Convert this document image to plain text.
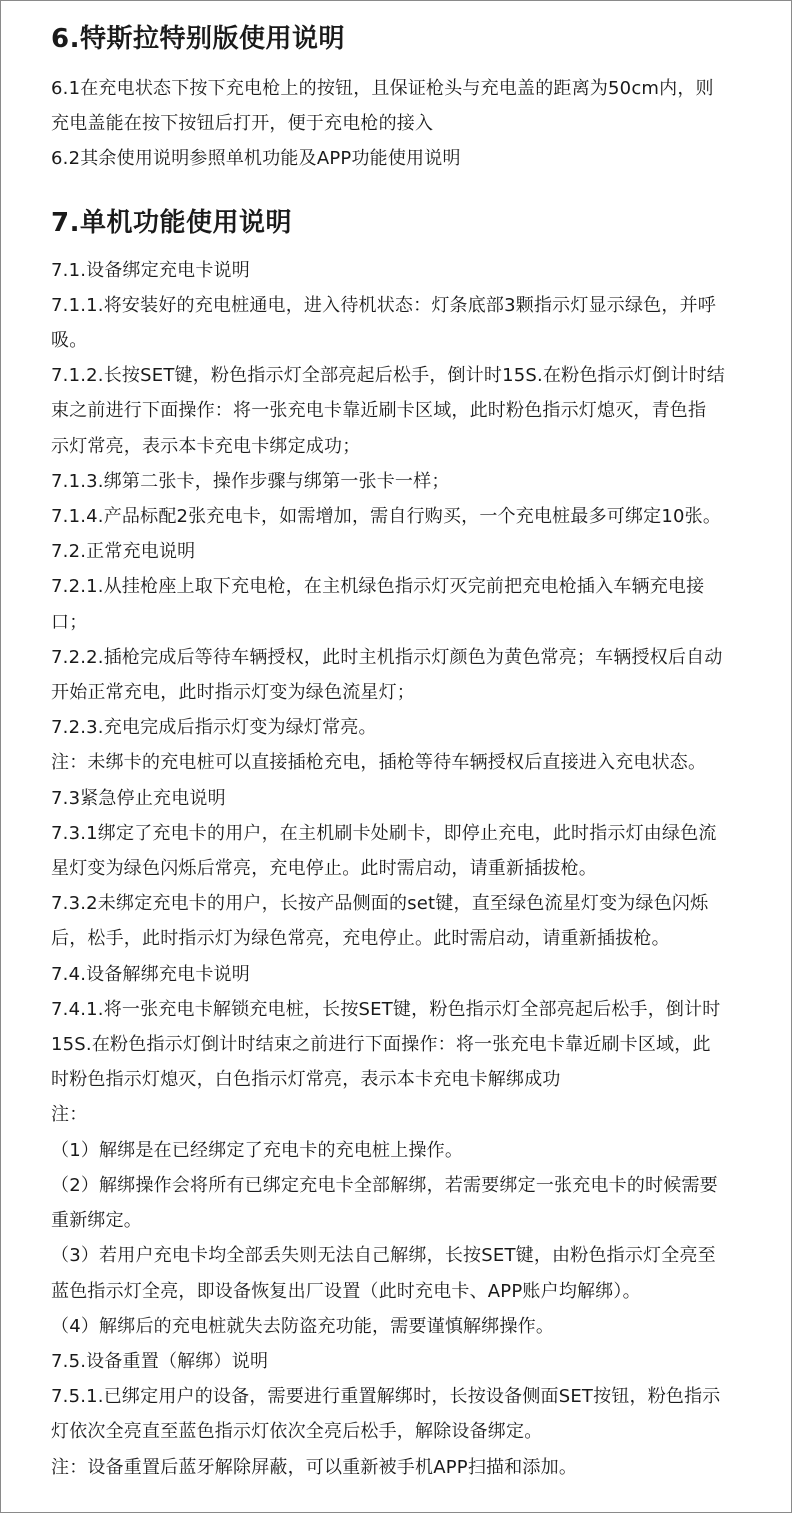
6.特斯拉特别版使用说明
6.1在充电状态下按下充电枪上的按钮，且保证枪头与充电盖的距离为50cm内，则
充电盖能在按下按钮后打开，便于充电枪的接入
6.2其余使用说明参照单机功能及APP功能使用说明
7.单机功能使用说明
7.1.设备绑定充电卡说明
7.1.1.将安装好的充电桩通电，进入待机状态：灯条底部3颗指示灯显示绿色，并呼
吸。
7.1.2.长按SET键，粉色指示灯全部亮起后松手，倒计时15S.在粉色指示灯倒计时结
束之前进行下面操作：将一张充电卡靠近刷卡区域，此时粉色指示灯熄灭，青色指
示灯常亮，表示本卡充电卡绑定成功；
7.1.3.绑第二张卡，操作步骤与绑第一张卡一样；
7.1.4.产品标配2张充电卡，如需增加，需自行购买，一个充电桩最多可绑定10张。
7.2.正常充电说明
7.2.1.从挂枪座上取下充电枪，在主机绿色指示灯灭完前把充电枪插入车辆充电接
口；
7.2.2.插枪完成后等待车辆授权，此时主机指示灯颜色为黄色常亮；车辆授权后自动
开始正常充电，此时指示灯变为绿色流星灯；
7.2.3.充电完成后指示灯变为绿灯常亮。
注：未绑卡的充电桩可以直接插枪充电，插枪等待车辆授权后直接进入充电状态。
7.3紧急停止充电说明
7.3.1绑定了充电卡的用户，在主机刷卡处刷卡，即停止充电，此时指示灯由绿色流
星灯变为绿色闪烁后常亮，充电停止。此时需启动，请重新插拔枪。
7.3.2未绑定充电卡的用户，长按产品侧面的set键，直至绿色流星灯变为绿色闪烁
后，松手，此时指示灯为绿色常亮，充电停止。此时需启动，请重新插拔枪。
7.4.设备解绑充电卡说明
7.4.1.将一张充电卡解锁充电桩，长按SET键，粉色指示灯全部亮起后松手，倒计时
15S.在粉色指示灯倒计时结束之前进行下面操作：将一张充电卡靠近刷卡区域，此
时粉色指示灯熄灭，白色指示灯常亮，表示本卡充电卡解绑成功
注：
（1）解绑是在已经绑定了充电卡的充电桩上操作。
（2）解绑操作会将所有已绑定充电卡全部解绑，若需要绑定一张充电卡的时候需要
重新绑定。
（3）若用户充电卡均全部丢失则无法自己解绑，长按SET键，由粉色指示灯全亮至
蓝色指示灯全亮，即设备恢复出厂设置（此时充电卡、APP账户均解绑）。
（4）解绑后的充电桩就失去防盗充功能，需要谨慎解绑操作。
7.5.设备重置（解绑）说明
7.5.1.已绑定用户的设备，需要进行重置解绑时，长按设备侧面SET按钮，粉色指示
灯依次全亮直至蓝色指示灯依次全亮后松手，解除设备绑定。
注：设备重置后蓝牙解除屏蔽，可以重新被手机APP扫描和添加。
